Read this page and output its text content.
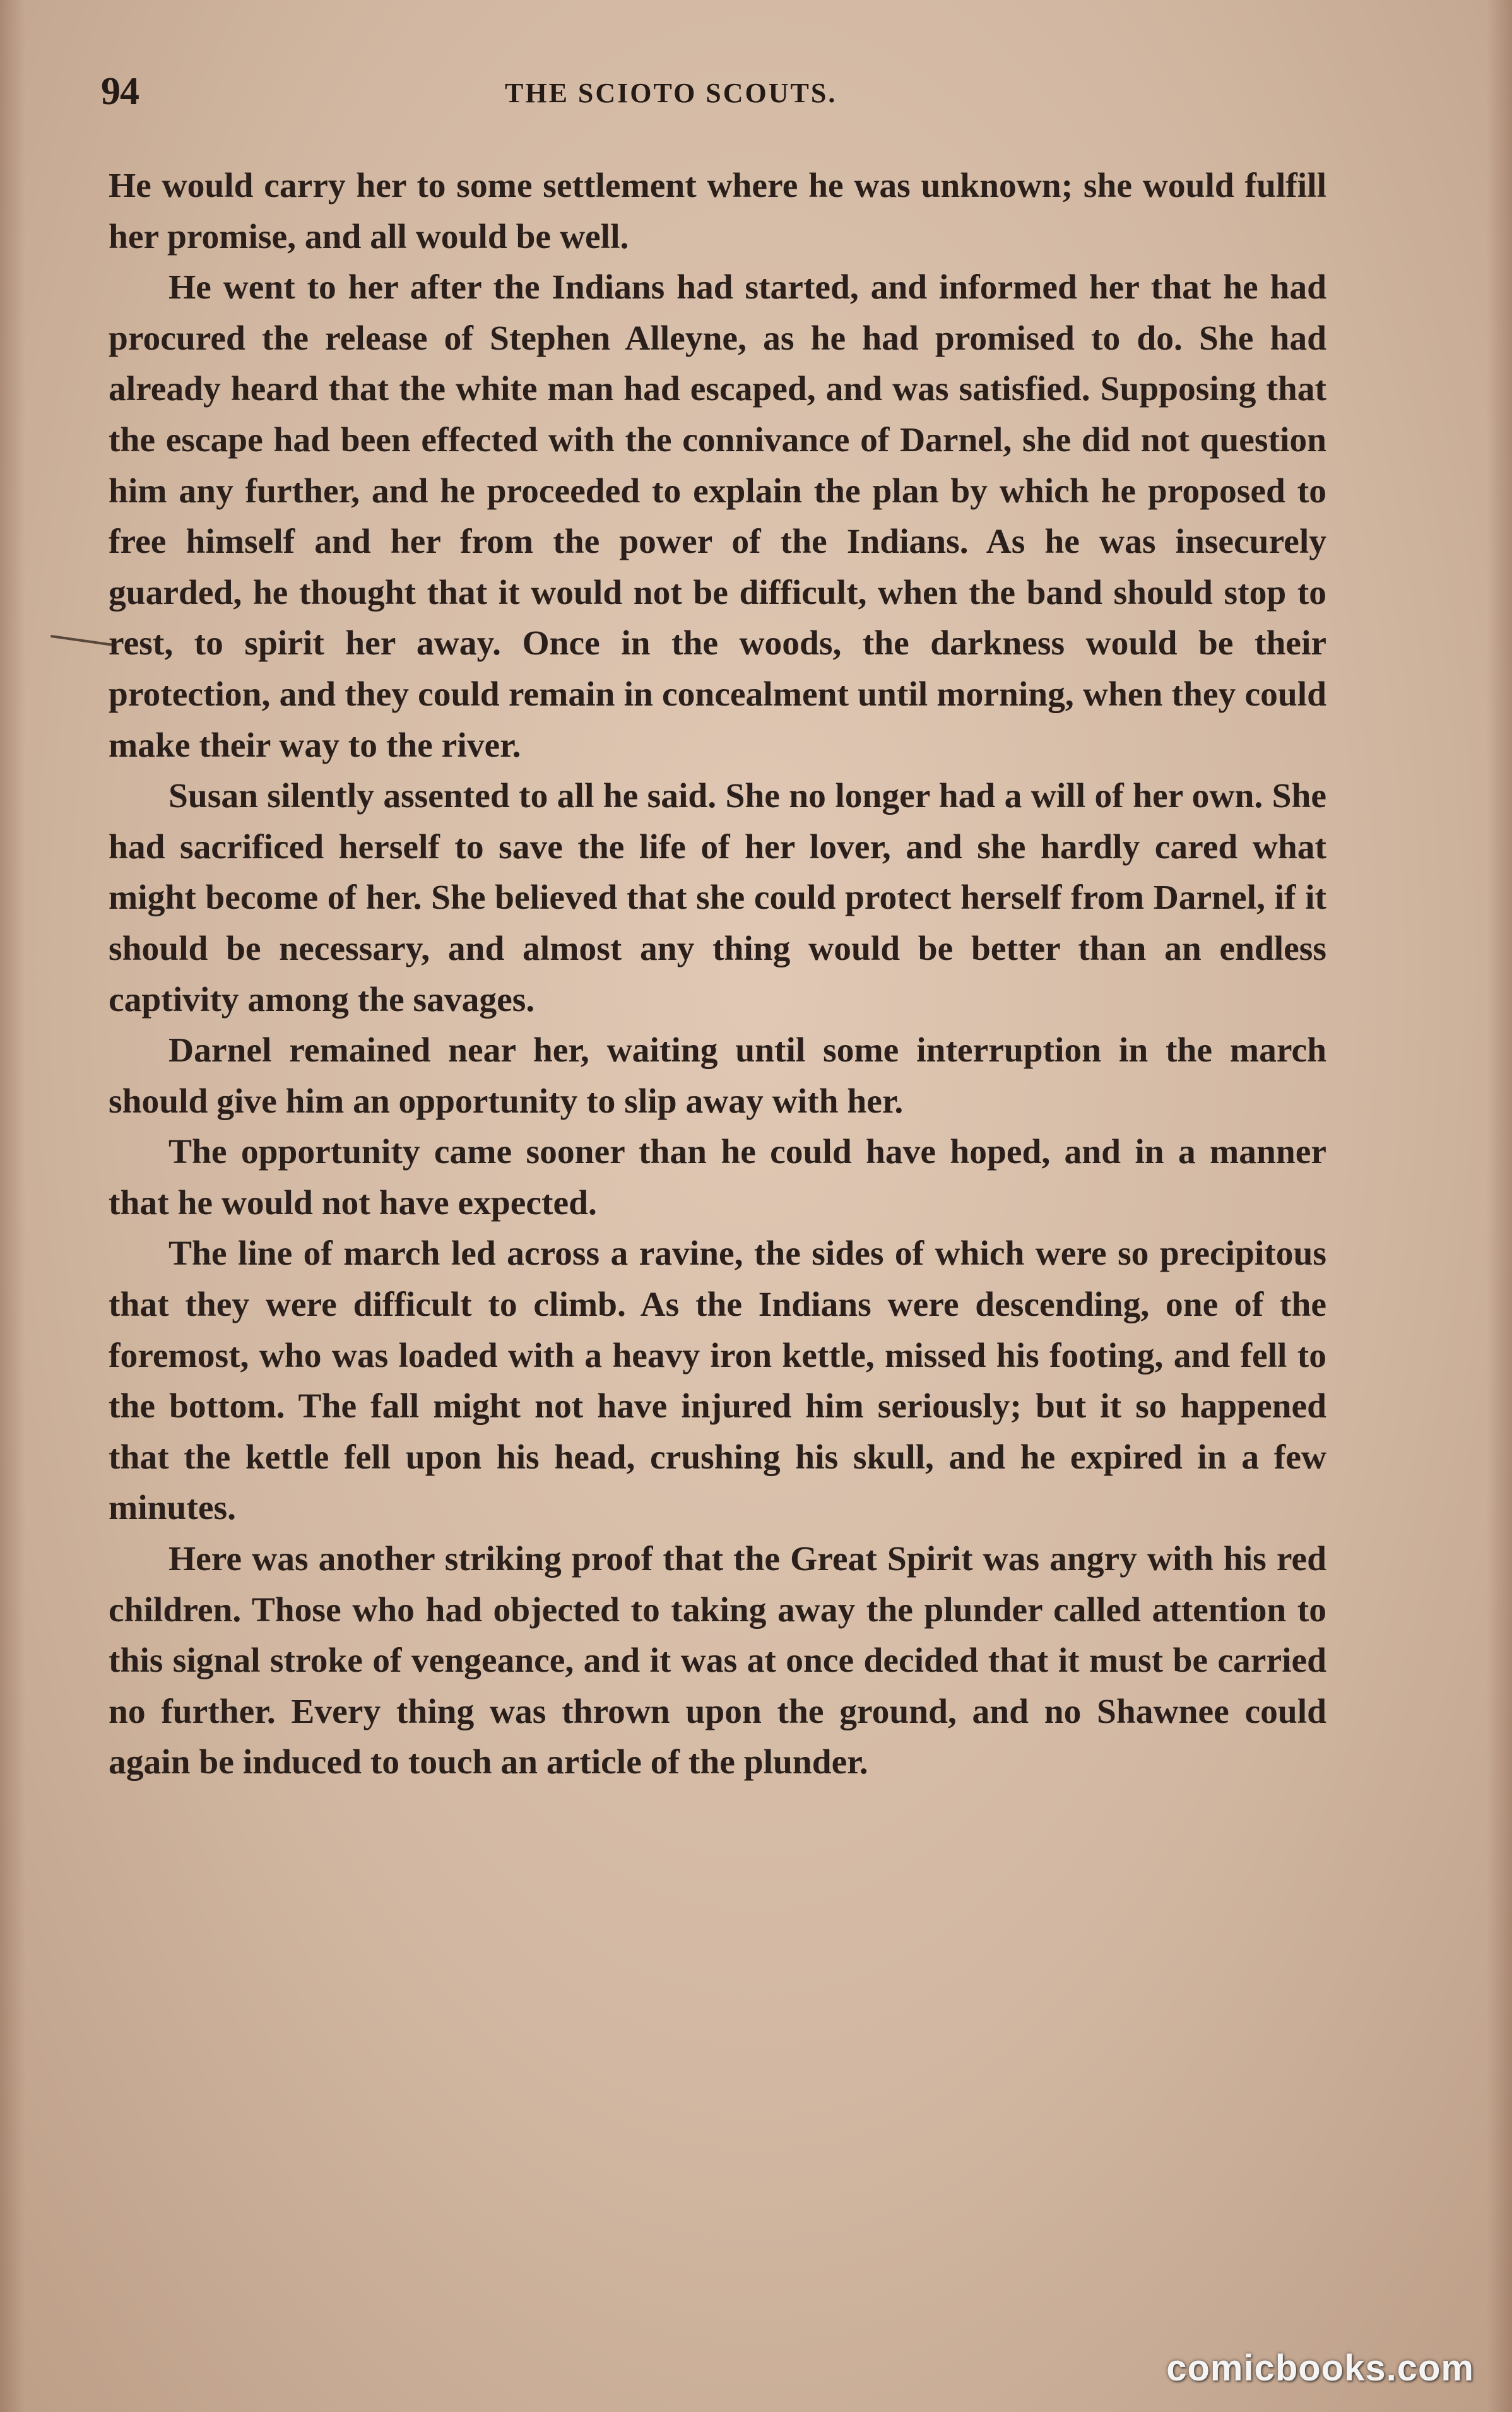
94	THE SCIOTO SCOUTS.

He would carry her to some settlement where he was unknown; she would fulfill her promise, and all would be well.

He went to her after the Indians had started, and informed her that he had procured the release of Stephen Alleyne, as he had promised to do. She had already heard that the white man had escaped, and was satisfied. Supposing that the escape had been effected with the connivance of Darnel, she did not question him any further, and he proceeded to explain the plan by which he proposed to free himself and her from the power of the Indians. As he was insecurely guarded, he thought that it would not be difficult, when the band should stop to rest, to spirit her away. Once in the woods, the darkness would be their protection, and they could remain in concealment until morning, when they could make their way to the river.

Susan silently assented to all he said. She no longer had a will of her own. She had sacrificed herself to save the life of her lover, and she hardly cared what might become of her. She believed that she could protect herself from Darnel, if it should be necessary, and almost any thing would be better than an endless captivity among the savages.

Darnel remained near her, waiting until some interruption in the march should give him an opportunity to slip away with her.

The opportunity came sooner than he could have hoped, and in a manner that he would not have expected.

The line of march led across a ravine, the sides of which were so precipitous that they were difficult to climb. As the Indians were descending, one of the foremost, who was loaded with a heavy iron kettle, missed his footing, and fell to the bottom. The fall might not have injured him seriously; but it so happened that the kettle fell upon his head, crushing his skull, and he expired in a few minutes.

Here was another striking proof that the Great Spirit was angry with his red children. Those who had objected to taking away the plunder called attention to this signal stroke of vengeance, and it was at once decided that it must be carried no further. Every thing was thrown upon the ground, and no Shawnee could again be induced to touch an article of the plunder.

comicbooks.com
